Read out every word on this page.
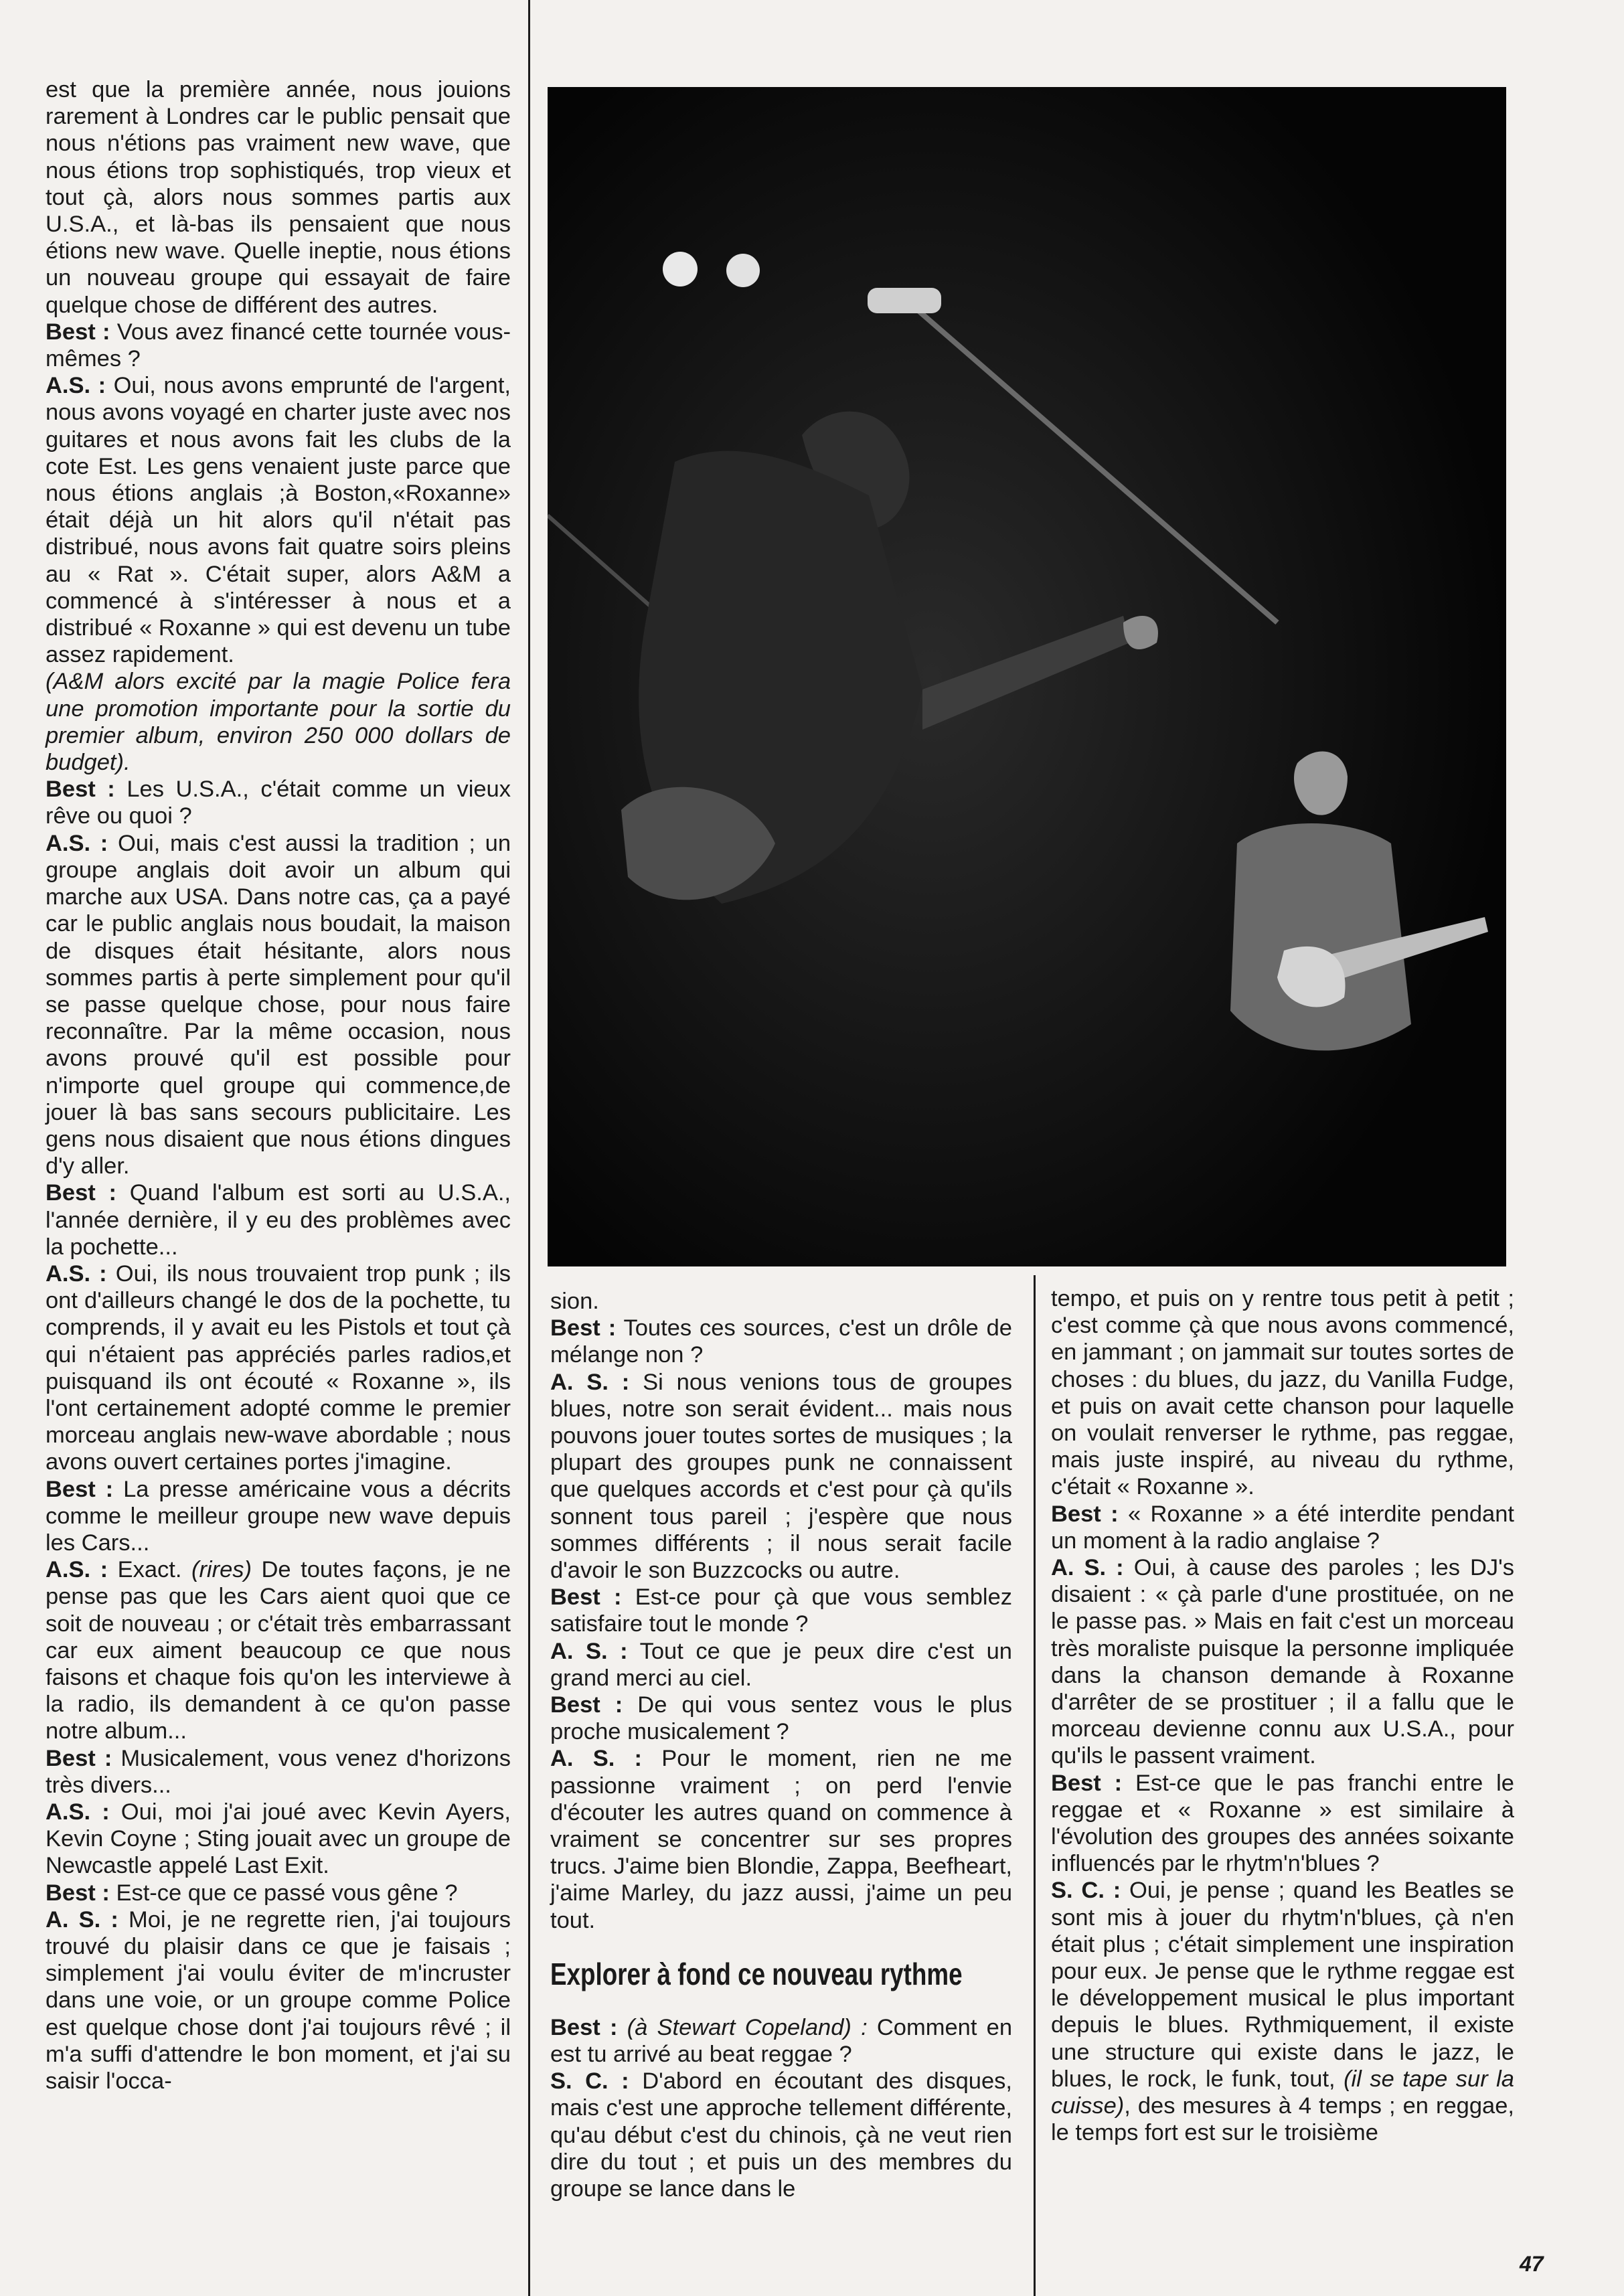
est que la première année, nous jouions rarement à Londres car le public pensait que nous n'étions pas vraiment new wave, que nous étions trop sophistiqués, trop vieux et tout çà, alors nous sommes partis aux U.S.A., et là-bas ils pensaient que nous étions new wave. Quelle ineptie, nous étions un nouveau groupe qui essayait de faire quelque chose de différent des autres.

Best : Vous avez financé cette tournée vous-mêmes ?

A.S. : Oui, nous avons emprunté de l'argent, nous avons voyagé en charter juste avec nos guitares et nous avons fait les clubs de la cote Est. Les gens venaient juste parce que nous étions anglais ;à Boston,«Roxanne» était déjà un hit alors qu'il n'était pas distribué, nous avons fait quatre soirs pleins au « Rat ». C'était super, alors A&M a commencé à s'intéresser à nous et a distribué « Roxanne » qui est devenu un tube assez rapidement.

(A&M alors excité par la magie Police fera une promotion importante pour la sortie du premier album, environ 250 000 dollars de budget).

Best : Les U.S.A., c'était comme un vieux rêve ou quoi ?

A.S. : Oui, mais c'est aussi la tradition ; un groupe anglais doit avoir un album qui marche aux USA. Dans notre cas, ça a payé car le public anglais nous boudait, la maison de disques était hésitante, alors nous sommes partis à perte simplement pour qu'il se passe quelque chose, pour nous faire reconnaître. Par la même occasion, nous avons prouvé qu'il est possible pour n'importe quel groupe qui commence,de jouer là bas sans secours publicitaire. Les gens nous disaient que nous étions dingues d'y aller.

Best : Quand l'album est sorti au U.S.A., l'année dernière, il y eu des problèmes avec la pochette...

A.S. : Oui, ils nous trouvaient trop punk ; ils ont d'ailleurs changé le dos de la pochette, tu comprends, il y avait eu les Pistols et tout çà qui n'étaient pas appréciés parles radios,et puisquand ils ont écouté « Roxanne », ils l'ont certainement adopté comme le premier morceau anglais new-wave abordable ; nous avons ouvert certaines portes j'imagine.

Best : La presse américaine vous a décrits comme le meilleur groupe new wave depuis les Cars...

A.S. : Exact. (rires) De toutes façons, je ne pense pas que les Cars aient quoi que ce soit de nouveau ; or c'était très embarrassant car eux aiment beaucoup ce que nous faisons et chaque fois qu'on les interviewe à la radio, ils demandent à ce qu'on passe notre album...

Best : Musicalement, vous venez d'horizons très divers...

A.S. : Oui, moi j'ai joué avec Kevin Ayers, Kevin Coyne ; Sting jouait avec un groupe de Newcastle appelé Last Exit.

Best : Est-ce que ce passé vous gêne ?

A. S. : Moi, je ne regrette rien, j'ai toujours trouvé du plaisir dans ce que je faisais ; simplement j'ai voulu éviter de m'incruster dans une voie, or un groupe comme Police est quelque chose dont j'ai toujours rêvé ; il m'a suffi d'attendre le bon moment, et j'ai su saisir l'occa-

sion.

Best : Toutes ces sources, c'est un drôle de mélange non ?

A. S. : Si nous venions tous de groupes blues, notre son serait évident... mais nous pouvons jouer toutes sortes de musiques ; la plupart des groupes punk ne connaissent que quelques accords et c'est pour çà qu'ils sonnent tous pareil ; j'espère que nous sommes différents ; il nous serait facile d'avoir le son Buzzcocks ou autre.

Best : Est-ce pour çà que vous semblez satisfaire tout le monde ?

A. S. : Tout ce que je peux dire c'est un grand merci au ciel.

Best : De qui vous sentez vous le plus proche musicalement ?

A. S. : Pour le moment, rien ne me passionne vraiment ; on perd l'envie d'écouter les autres quand on commence à vraiment se concentrer sur ses propres trucs. J'aime bien Blondie, Zappa, Beefheart, j'aime Marley, du jazz aussi, j'aime un peu tout.

Explorer à fond ce nouveau rythme

Best : (à Stewart Copeland) : Comment en est tu arrivé au beat reggae ?

S. C. : D'abord en écoutant des disques, mais c'est une approche tellement différente, qu'au début c'est du chinois, çà ne veut rien dire du tout ; et puis un des membres du groupe se lance dans le

tempo, et puis on y rentre tous petit à petit ; c'est comme çà que nous avons commencé, en jammant ; on jammait sur toutes sortes de choses : du blues, du jazz, du Vanilla Fudge, et puis on avait cette chanson pour laquelle on voulait renverser le rythme, pas reggae, mais juste inspiré, au niveau du rythme, c'était « Roxanne ».

Best : « Roxanne » a été interdite pendant un moment à la radio anglaise ?

A. S. : Oui, à cause des paroles ; les DJ's disaient : « çà parle d'une prostituée, on ne le passe pas. » Mais en fait c'est un morceau très moraliste puisque la personne impliquée dans la chanson demande à Roxanne d'arrêter de se prostituer ; il a fallu que le morceau devienne connu aux U.S.A., pour qu'ils le passent vraiment.

Best : Est-ce que le pas franchi entre le reggae et « Roxanne » est similaire à l'évolution des groupes des années soixante influencés par le rhytm'n'blues ?

S. C. : Oui, je pense ; quand les Beatles se sont mis à jouer du rhytm'n'blues, çà n'en était plus ; c'était simplement une inspiration pour eux. Je pense que le rythme reggae est le développement musical le plus important depuis le blues. Rythmiquement, il existe une structure qui existe dans le jazz, le blues, le rock, le funk, tout, (il se tape sur la cuisse), des mesures à 4 temps ; en reggae, le temps fort est sur le troisième

47
